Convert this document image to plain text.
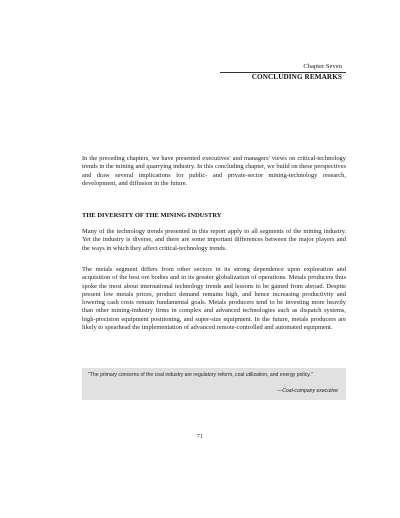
Chapter Seven
CONCLUDING REMARKS

In the preceding chapters, we have presented executives' and managers' views on critical-technology trends in the mining and quarrying industry. In this concluding chapter, we build on these perspectives and draw several implications for public- and private-sector mining-technology research, development, and diffusion in the future.

THE DIVERSITY OF THE MINING INDUSTRY

Many of the technology trends presented in this report apply to all segments of the mining industry. Yet the industry is diverse, and there are some important differences between the major players and the ways in which they affect critical-technology trends.

The metals segment differs from other sectors in its strong dependence upon exploration and acquisition of the best ore bodies and in its greater globalization of operations. Metals producers thus spoke the most about international technology trends and lessons to be gained from abroad. Despite present low metals prices, product demand remains high, and hence increasing productivity and lowering cash costs remain fundamental goals. Metals producers tend to be investing more heavily than other mining-industry firms in complex and advanced technologies such as dispatch systems, high-precision equipment positioning, and super-size equipment. In the future, metals producers are likely to spearhead the implementation of advanced remote-controlled and automated equipment.

"The primary concerns of the coal industry are regulatory reform, coal utilization, and energy policy."
—Coal-company executive
71
